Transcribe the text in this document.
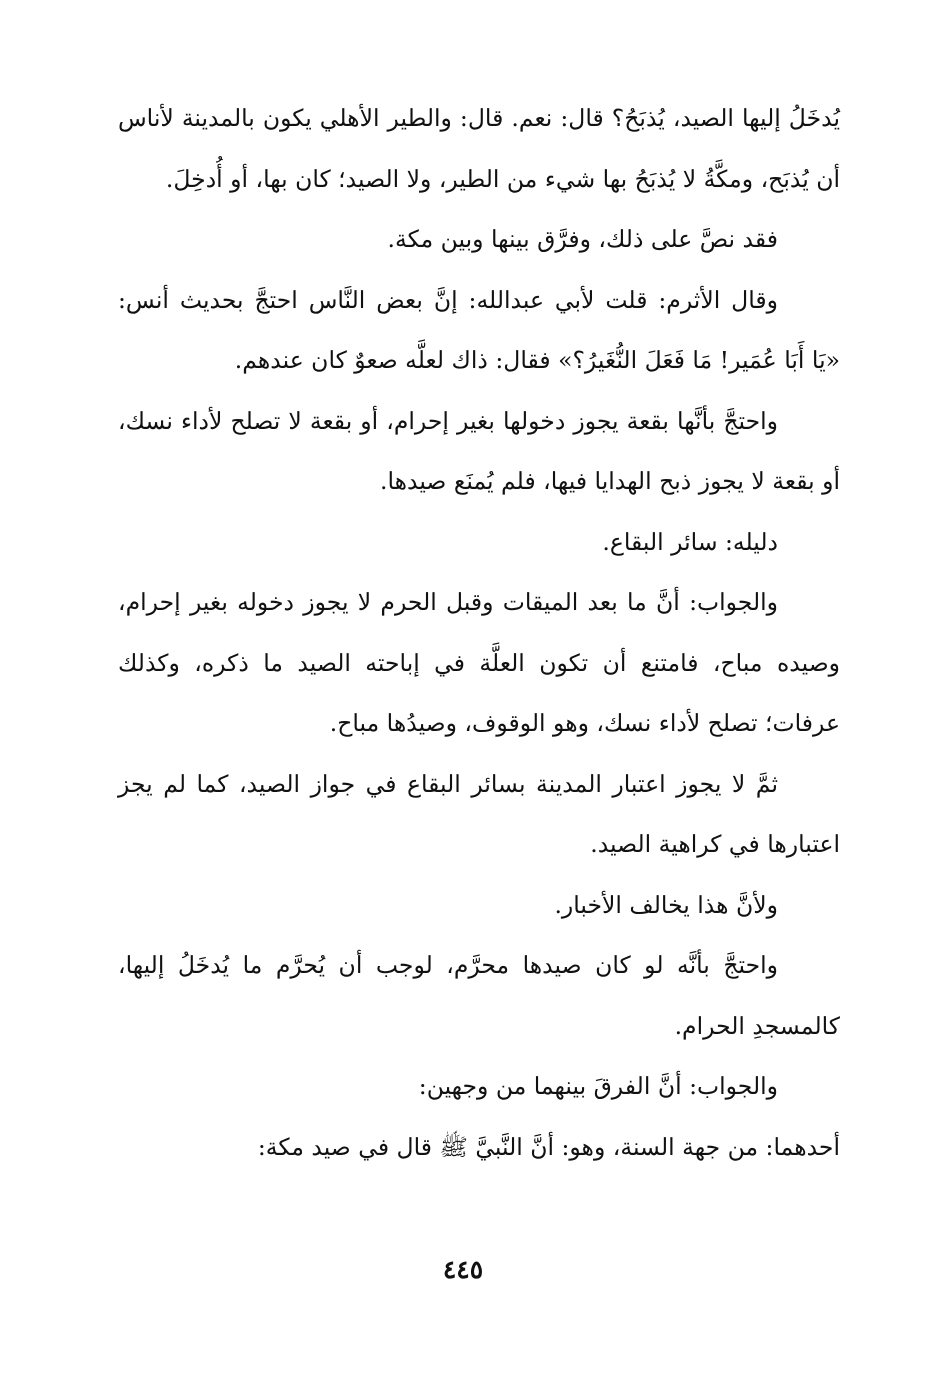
يُدخَلُ إليها الصيد، يُذبَحُ؟ قال: نعم. قال: والطير الأهلي يكون بالمدينة لأناس أن يُذبَح، ومكَّةُ لا يُذبَحُ بها شيء من الطير، ولا الصيد؛ كان بها، أو أُدخِلَ.

فقد نصَّ على ذلك، وفرَّق بينها وبين مكة.

وقال الأثرم: قلت لأبي عبدالله: إنَّ بعض النَّاس احتجَّ بحديث أنس: «يَا أَبَا عُمَير! مَا فَعَلَ النُّغَيرُ؟» فقال: ذاك لعلَّه صعوٌ كان عندهم.

واحتجَّ بأنَّها بقعة يجوز دخولها بغير إحرام، أو بقعة لا تصلح لأداء نسك، أو بقعة لا يجوز ذبح الهدايا فيها، فلم يُمنَع صيدها.

دليله: سائر البقاع.

والجواب: أنَّ ما بعد الميقات وقبل الحرم لا يجوز دخوله بغير إحرام، وصيده مباح، فامتنع أن تكون العلَّة في إباحته الصيد ما ذكره، وكذلك عرفات؛ تصلح لأداء نسك، وهو الوقوف، وصيدُها مباح.

ثمَّ لا يجوز اعتبار المدينة بسائر البقاع في جواز الصيد، كما لم يجز اعتبارها في كراهية الصيد.

ولأنَّ هذا يخالف الأخبار.

واحتجَّ بأنَّه لو كان صيدها محرَّم، لوجب أن يُحرَّم ما يُدخَلُ إليها، كالمسجدِ الحرام.

والجواب: أنَّ الفرقَ بينهما من وجهين:

أحدهما: من جهة السنة، وهو: أنَّ النَّبيَّ ﷺ قال في صيد مكة:

٤٤٥
